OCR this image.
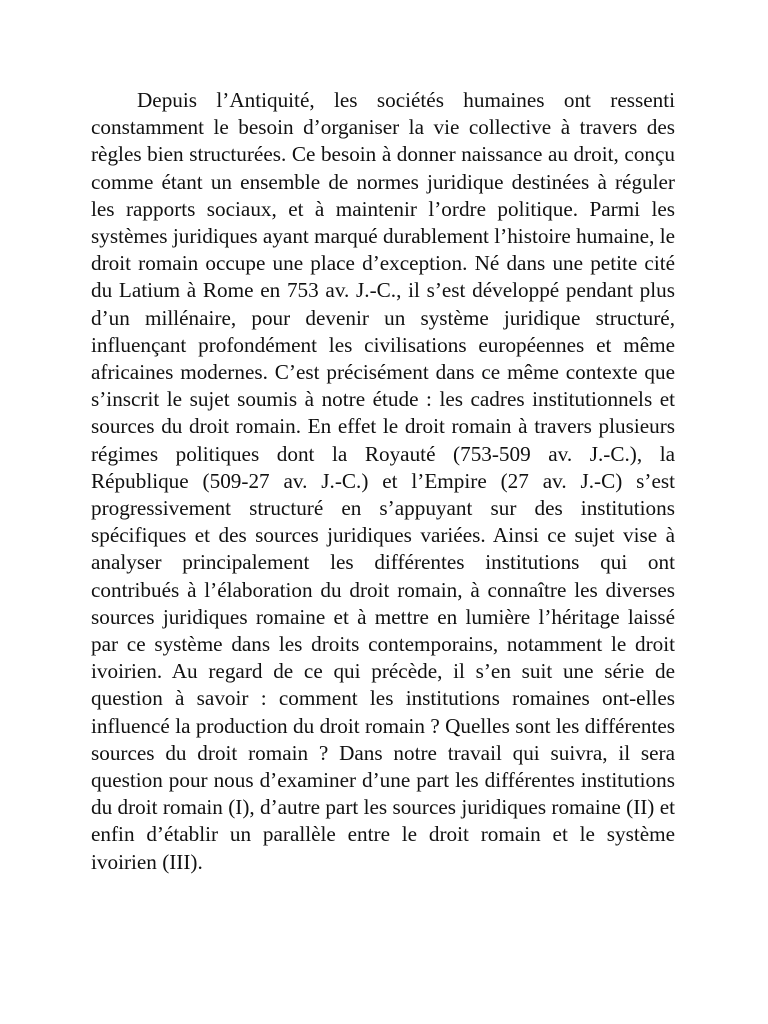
Depuis l’Antiquité, les sociétés humaines ont ressenti constamment le besoin d’organiser la vie collective à travers des règles bien structurées. Ce besoin à donner naissance au droit, conçu comme étant un ensemble de normes juridique destinées à réguler les rapports sociaux, et à maintenir l’ordre politique. Parmi les systèmes juridiques ayant marqué durablement l’histoire humaine, le droit romain occupe une place d’exception. Né dans une petite cité du Latium à Rome en 753 av. J.-C., il s’est développé pendant plus d’un millénaire, pour devenir un système juridique structuré, influençant profondément les civilisations européennes et même africaines modernes. C’est précisément dans ce même contexte que s’inscrit le sujet soumis à notre étude : les cadres institutionnels et sources du droit romain. En effet le droit romain à travers plusieurs régimes politiques dont la Royauté (753-509 av. J.-C.), la République (509-27 av. J.-C.) et l’Empire (27 av. J.-C) s’est progressivement structuré en s’appuyant sur des institutions spécifiques et des sources juridiques variées. Ainsi ce sujet vise à analyser principalement les différentes institutions qui ont contribués à l’élaboration du droit romain, à connaître les diverses sources juridiques romaine et à mettre en lumière l’héritage laissé par ce système dans les droits contemporains, notamment le droit ivoirien. Au regard de ce qui précède, il s’en suit une série de question à savoir : comment les institutions romaines ont-elles influencé la production du droit romain ? Quelles sont les différentes sources du droit romain ? Dans notre travail qui suivra, il sera question pour nous d’examiner d’une part les différentes institutions du droit romain (I), d’autre part les sources juridiques romaine (II) et enfin d’établir un parallèle entre le droit romain et le système ivoirien (III).
